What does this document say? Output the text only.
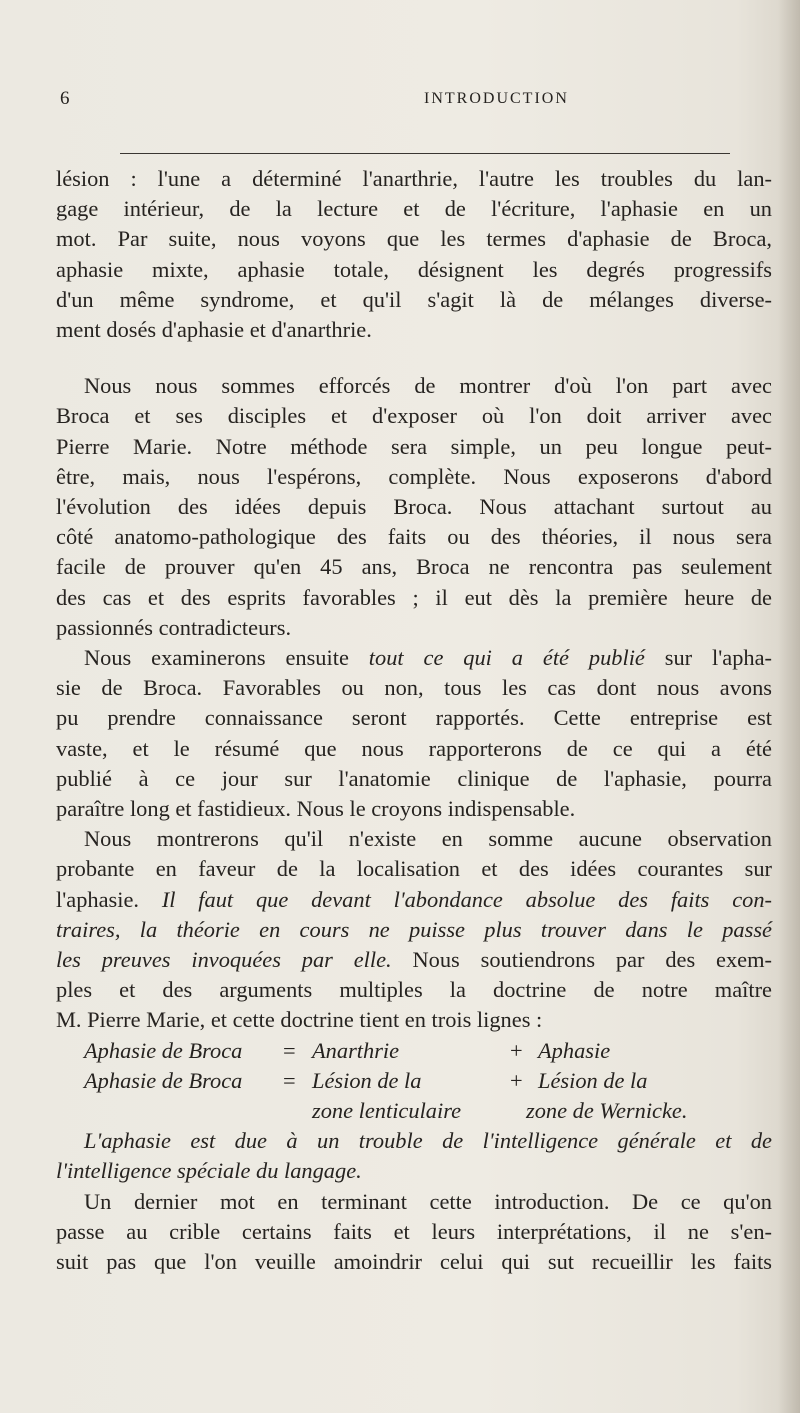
6	INTRODUCTION
lésion : l'une a déterminé l'anarthrie, l'autre les troubles du lan-
gage intérieur, de la lecture et de l'écriture, l'aphasie en un
mot. Par suite, nous voyons que les termes d'aphasie de Broca,
aphasie mixte, aphasie totale, désignent les degrés progressifs
d'un même syndrome, et qu'il s'agit là de mélanges diverse-
ment dosés d'aphasie et d'anarthrie.
Nous nous sommes efforcés de montrer d'où l'on part avec
Broca et ses disciples et d'exposer où l'on doit arriver avec
Pierre Marie. Notre méthode sera simple, un peu longue peut-
être, mais, nous l'espérons, complète. Nous exposerons d'abord
l'évolution des idées depuis Broca. Nous attachant surtout au
côté anatomo-pathologique des faits ou des théories, il nous sera
facile de prouver qu'en 45 ans, Broca ne rencontra pas seulement
des cas et des esprits favorables ; il eut dès la première heure de
passionnés contradicteurs.
Nous examinerons ensuite tout ce qui a été publié sur l'apha-
sie de Broca. Favorables ou non, tous les cas dont nous avons
pu prendre connaissance seront rapportés. Cette entreprise est
vaste, et le résumé que nous rapporterons de ce qui a été
publié à ce jour sur l'anatomie clinique de l'aphasie, pourra
paraître long et fastidieux. Nous le croyons indispensable.
Nous montrerons qu'il n'existe en somme aucune observation
probante en faveur de la localisation et des idées courantes sur
l'aphasie. Il faut que devant l'abondance absolue des faits con-
traires, la théorie en cours ne puisse plus trouver dans le passé
les preuves invoquées par elle. Nous soutiendrons par des exem-
ples et des arguments multiples la doctrine de notre maître
M. Pierre Marie, et cette doctrine tient en trois lignes :
Aphasie de Broca = Anarthrie	+ Aphasie
Aphasie de Broca = Lésion de la	+ Lésion de la
zone lenticulaire	zone de Wernicke.
L'aphasie est due à un trouble de l'intelligence générale et de
l'intelligence spéciale du langage.
Un dernier mot en terminant cette introduction. De ce qu'on
passe au crible certains faits et leurs interprétations, il ne s'en-
suit pas que l'on veuille amoindrir celui qui sut recueillir les faits
